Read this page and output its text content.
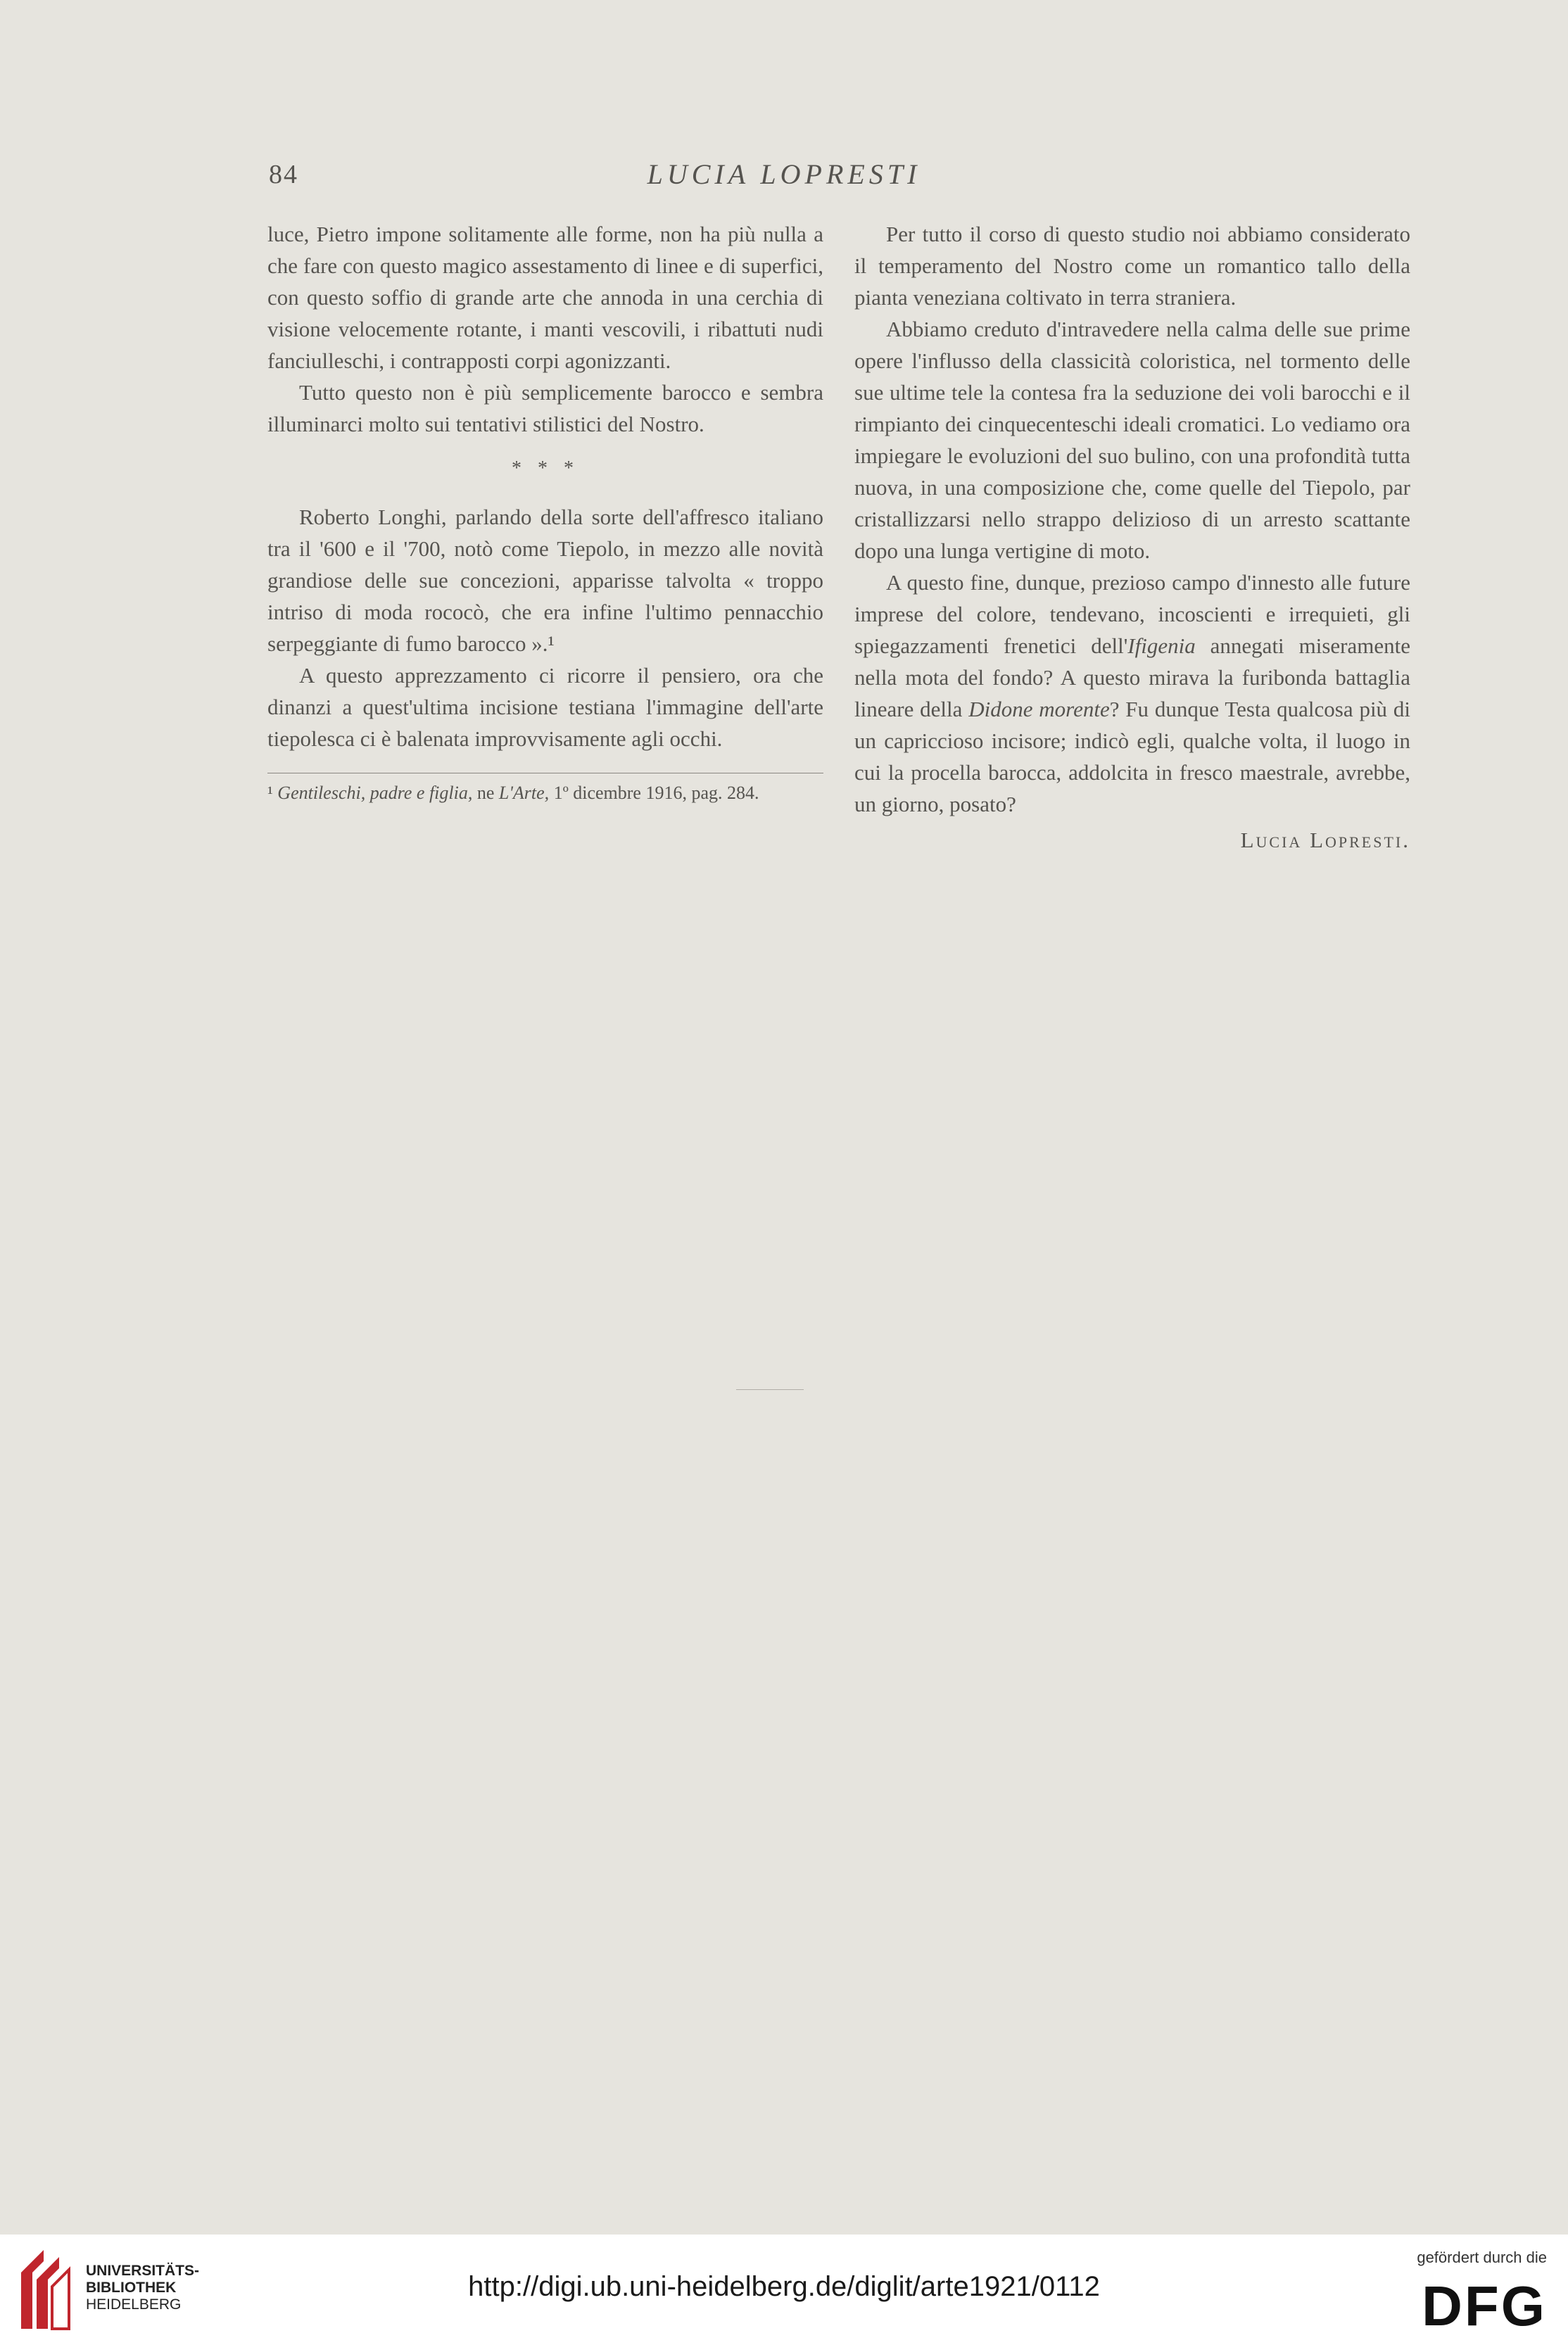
84	LUCIA LOPRESTI

luce, Pietro impone solitamente alle forme, non ha più nulla a che fare con questo magico assestamento di linee e di superfici, con questo soffio di grande arte che annoda in una cerchia di visione velocemente rotante, i manti vescovili, i ribattuti nudi fanciulleschi, i contrapposti corpi agonizzanti.

Tutto questo non è più semplicemente barocco e sembra illuminarci molto sui tentativi stilistici del Nostro.

* * *

Roberto Longhi, parlando della sorte dell'affresco italiano tra il '600 e il '700, notò come Tiepolo, in mezzo alle novità grandiose delle sue concezioni, apparisse talvolta « troppo intriso di moda rococò, che era infine l'ultimo pennacchio serpeggiante di fumo barocco ».¹

A questo apprezzamento ci ricorre il pensiero, ora che dinanzi a quest'ultima incisione testiana l'immagine dell'arte tiepolesca ci è balenata improvvisamente agli occhi.

¹ Gentileschi, padre e figlia, ne L'Arte, 1º dicembre 1916, pag. 284.

Per tutto il corso di questo studio noi abbiamo considerato il temperamento del Nostro come un romantico tallo della pianta veneziana coltivato in terra straniera.

Abbiamo creduto d'intravedere nella calma delle sue prime opere l'influsso della classicità coloristica, nel tormento delle sue ultime tele la contesa fra la seduzione dei voli barocchi e il rimpianto dei cinquecenteschi ideali cromatici. Lo vediamo ora impiegare le evoluzioni del suo bulino, con una profondità tutta nuova, in una composizione che, come quelle del Tiepolo, par cristallizzarsi nello strappo delizioso di un arresto scattante dopo una lunga vertigine di moto.

A questo fine, dunque, prezioso campo d'innesto alle future imprese del colore, tendevano, incoscienti e irrequieti, gli spiegazzamenti frenetici dell'Ifigenia annegati miseramente nella mota del fondo? A questo mirava la furibonda battaglia lineare della Didone morente? Fu dunque Testa qualcosa più di un capriccioso incisore; indicò egli, qualche volta, il luogo in cui la procella barocca, addolcita in fresco maestrale, avrebbe, un giorno, posato?

Lucia Lopresti.
UNIVERSITÄTS-
BIBLIOTHEK
HEIDELBERG
http://digi.ub.uni-heidelberg.de/diglit/arte1921/0112
gefördert durch die
DFG
